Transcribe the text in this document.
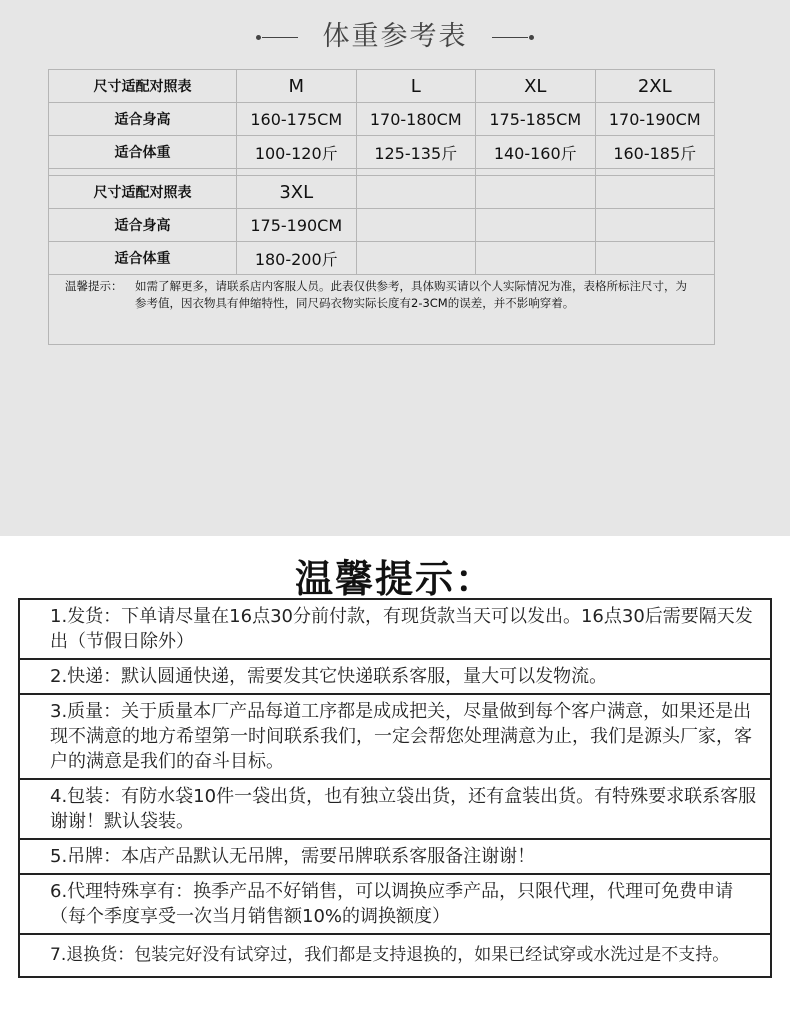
体重参考表
尺寸适配对照表	M	L	XL	2XL
适合身高	160-175CM	170-180CM	175-185CM	170-190CM
适合体重	100-120斤	125-135斤	140-160斤	160-185斤

尺寸适配对照表	3XL			
适合身高	175-190CM			
适合体重	180-200斤			
温馨提示： 如需了解更多，请联系店内客服人员。此表仅供参考，具体购买请以个人实际情况为准，表格所标注尺寸，为参考值，因衣物具有伸缩特性，同尺码衣物实际长度有2-3CM的误差，并不影响穿着。				
温馨提示：
1.发货：下单请尽量在16点30分前付款，有现货款当天可以发出。16点30后需要隔天发出（节假日除外）
2.快递：默认圆通快递，需要发其它快递联系客服，量大可以发物流。
3.质量：关于质量本厂产品每道工序都是成成把关，尽量做到每个客户满意，如果还是出现不满意的地方希望第一时间联系我们，一定会帮您处理满意为止，我们是源头厂家，客户的满意是我们的奋斗目标。
4.包装：有防水袋10件一袋出货，也有独立袋出货，还有盒装出货。有特殊要求联系客服谢谢！默认袋装。
5.吊牌：本店产品默认无吊牌，需要吊牌联系客服备注谢谢！
6.代理特殊享有：换季产品不好销售，可以调换应季产品，只限代理，代理可免费申请（每个季度享受一次当月销售额10%的调换额度）
7.退换货：包装完好没有试穿过，我们都是支持退换的，如果已经试穿或水洗过是不支持。
